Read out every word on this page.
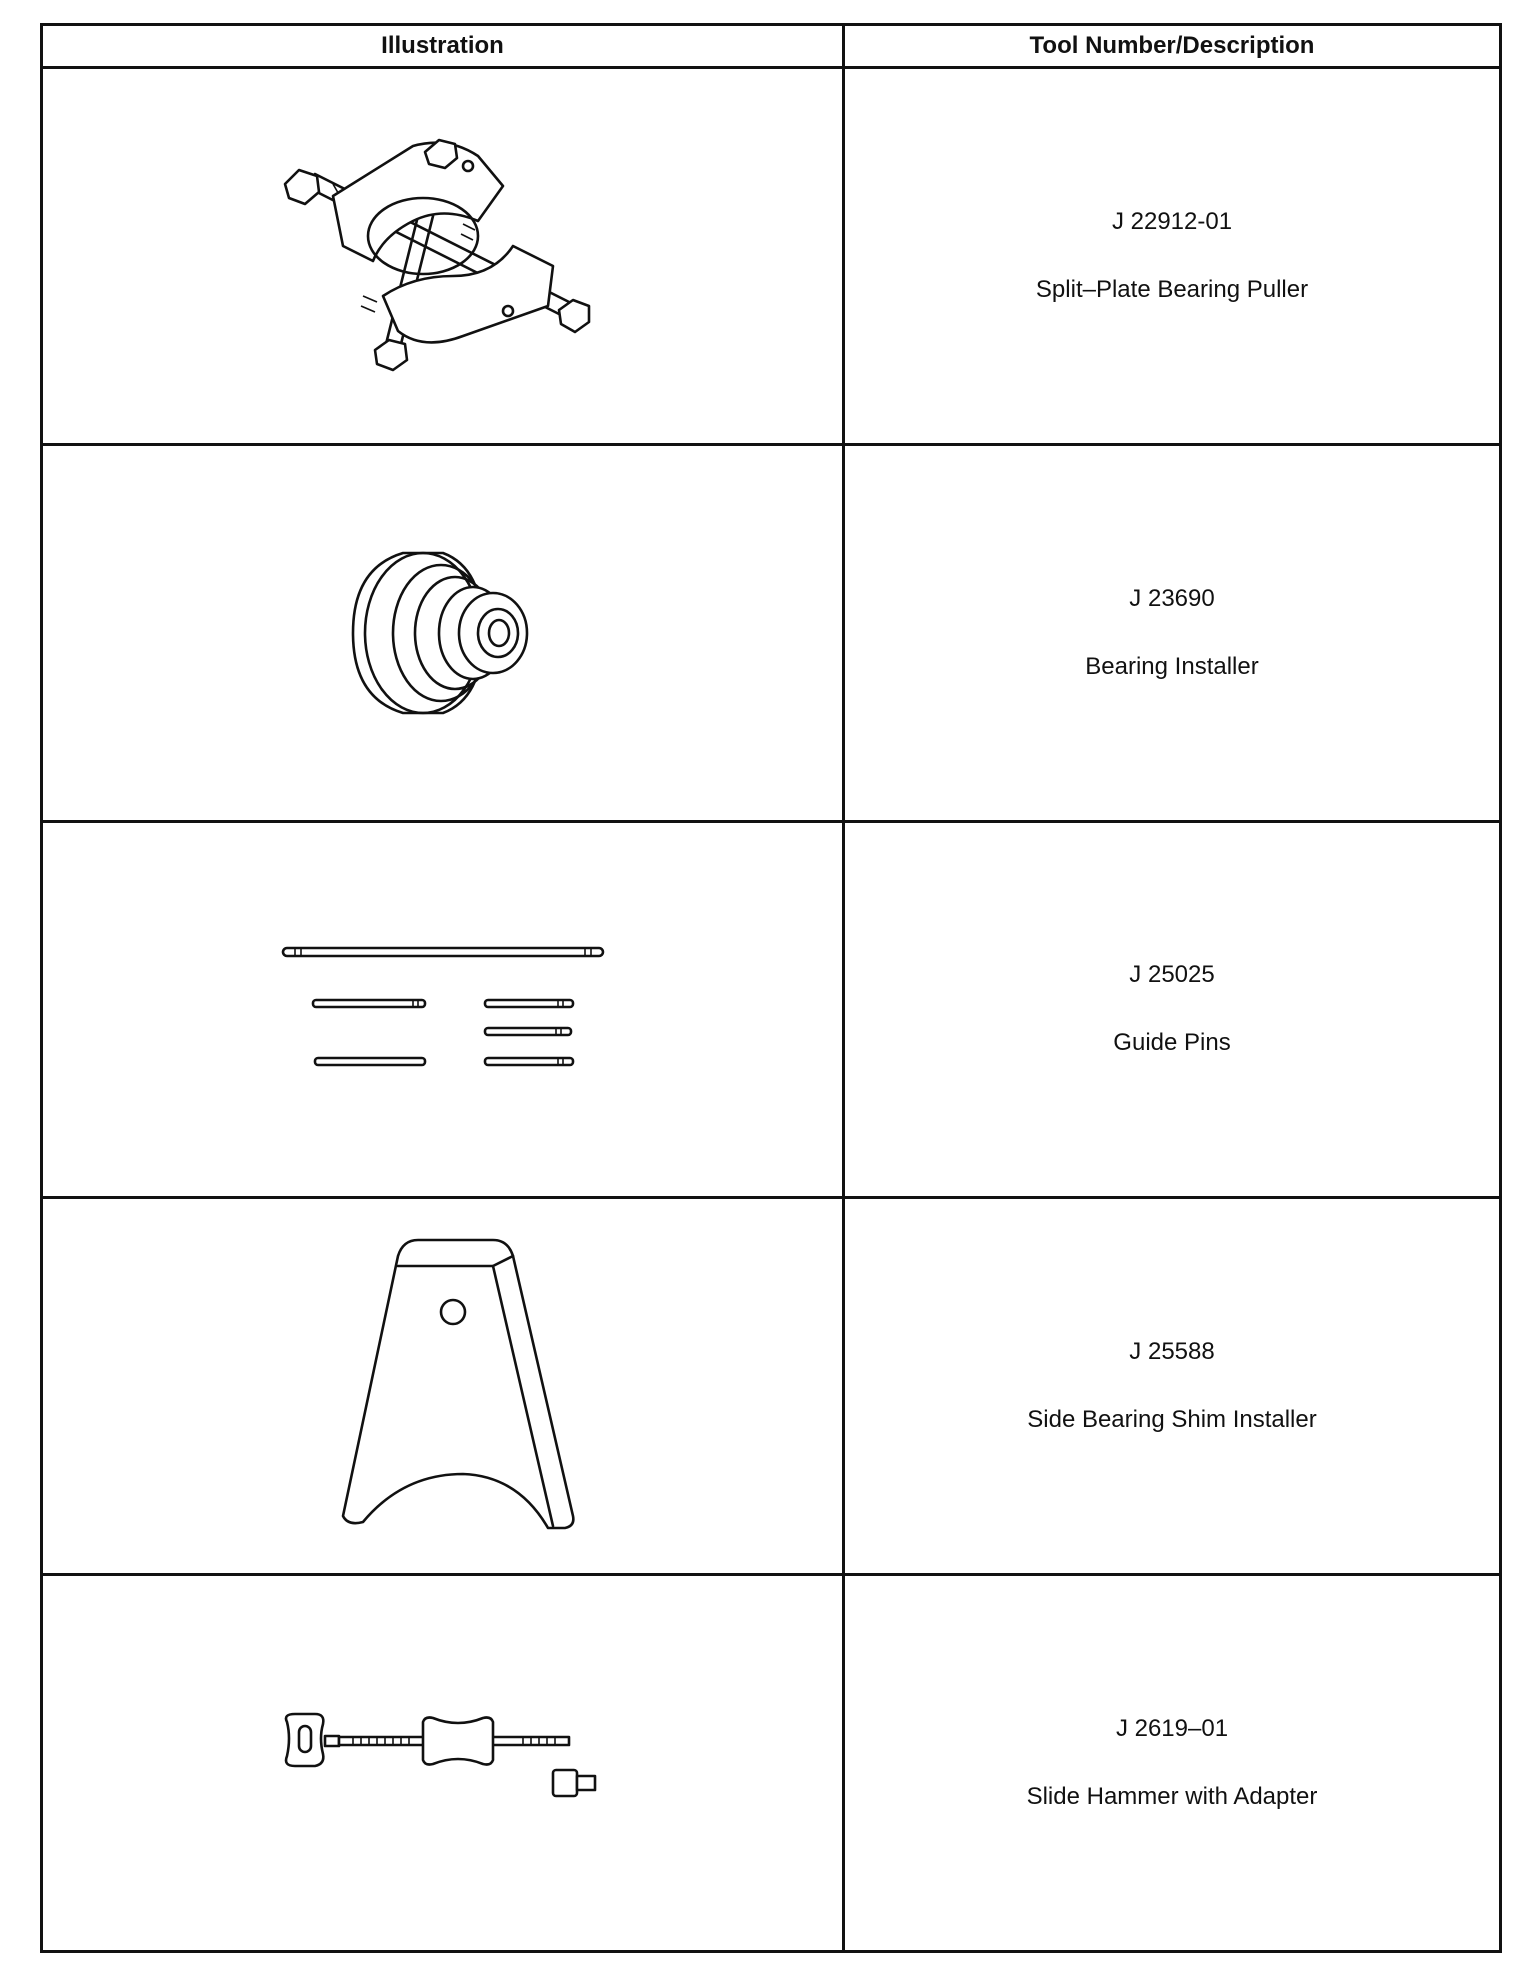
Illustration	Tool Number/Description

J 22912-01
Split–Plate Bearing Puller

J 23690
Bearing Installer

J 25025
Guide Pins

J 25588
Side Bearing Shim Installer

J 2619–01
Slide Hammer with Adapter
